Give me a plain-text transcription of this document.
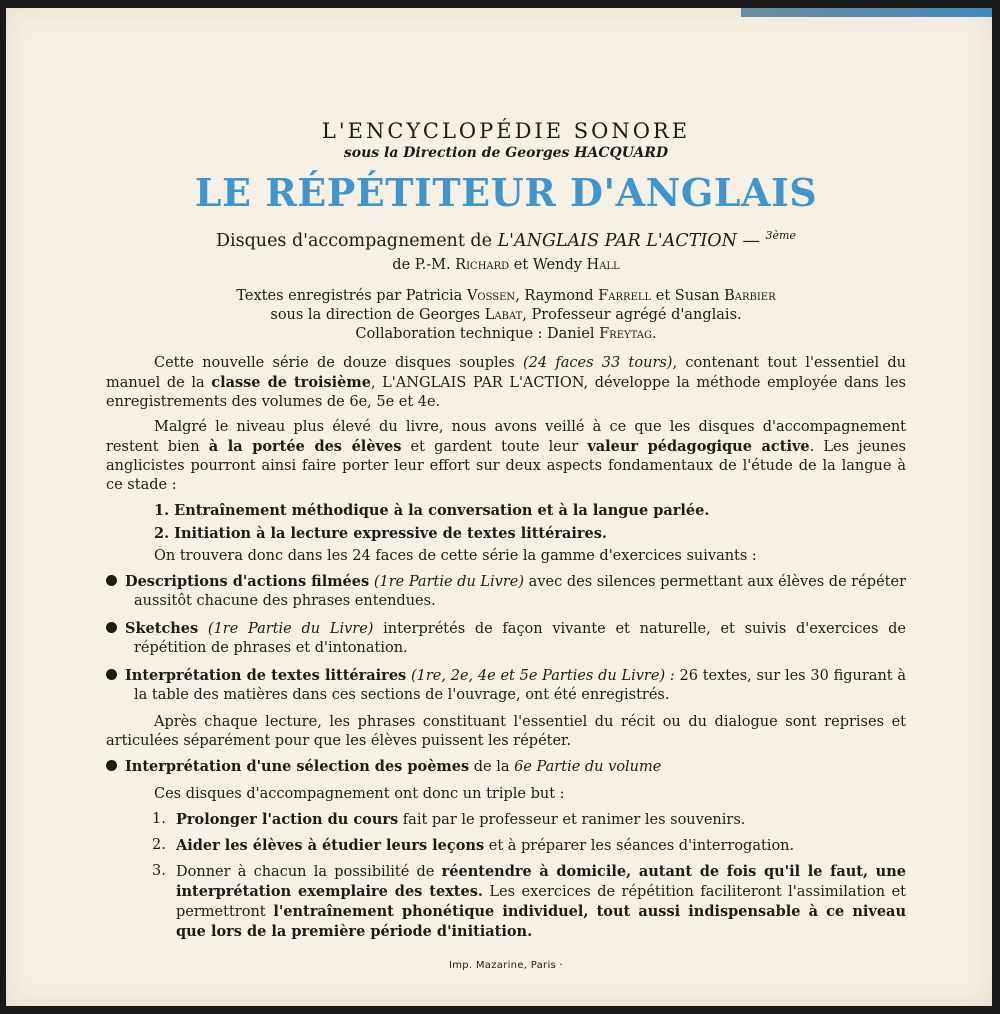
L'ENCYCLOPÉDIE SONORE

sous la Direction de Georges HACQUARD

LE RÉPÉTITEUR D'ANGLAIS

Disques d'accompagnement de L'ANGLAIS PAR L'ACTION — $^{3ème}$
de P.-M. Richard et Wendy Hall
Textes enregistrés par Patricia Vossen, Raymond Farrell et Susan Barbier
sous la direction de Georges Labat, Professeur agrégé d'anglais.
Collaboration technique : Daniel Freytag.

Cette nouvelle série de douze disques souples (24 faces 33 tours), contenant tout l'essentiel du manuel de la classe de troisième, L'ANGLAIS PAR L'ACTION, développe la méthode employée dans les enregistrements des volumes de 6e, 5e et 4e.

Malgré le niveau plus élevé du livre, nous avons veillé à ce que les disques d'accompagnement restent bien à la portée des élèves et gardent toute leur valeur pédagogique active. Les jeunes anglicistes pourront ainsi faire porter leur effort sur deux aspects fondamentaux de l'étude de la langue à ce stade :

1. Entraînement méthodique à la conversation et à la langue parlée.

2. Initiation à la lecture expressive de textes littéraires.

On trouvera donc dans les 24 faces de cette série la gamme d'exercices suivants :

Descriptions d'actions filmées (1re Partie du Livre) avec des silences permettant aux élèves de répéter aussitôt chacune des phrases entendues.

Sketches (1re Partie du Livre) interprétés de façon vivante et naturelle, et suivis d'exercices de répétition de phrases et d'intonation.

Interprétation de textes littéraires (1re, 2e, 4e et 5e Parties du Livre) : 26 textes, sur les 30 figurant à la table des matières dans ces sections de l'ouvrage, ont été enregistrés.

Après chaque lecture, les phrases constituant l'essentiel du récit ou du dialogue sont reprises et articulées séparément pour que les élèves puissent les répéter.

Interprétation d'une sélection des poèmes de la 6e Partie du volume

Ces disques d'accompagnement ont donc un triple but :

1. Prolonger l'action du cours fait par le professeur et ranimer les souvenirs.
2. Aider les élèves à étudier leurs leçons et à préparer les séances d'interrogation.
3. Donner à chacun la possibilité de réentendre à domicile, autant de fois qu'il le faut, une interprétation exemplaire des textes. Les exercices de répétition faciliteront l'assimilation et permettront l'entraînement phonétique individuel, tout aussi indispensable à ce niveau que lors de la première période d'initiation.
Imp. Mazarine, Paris ·
